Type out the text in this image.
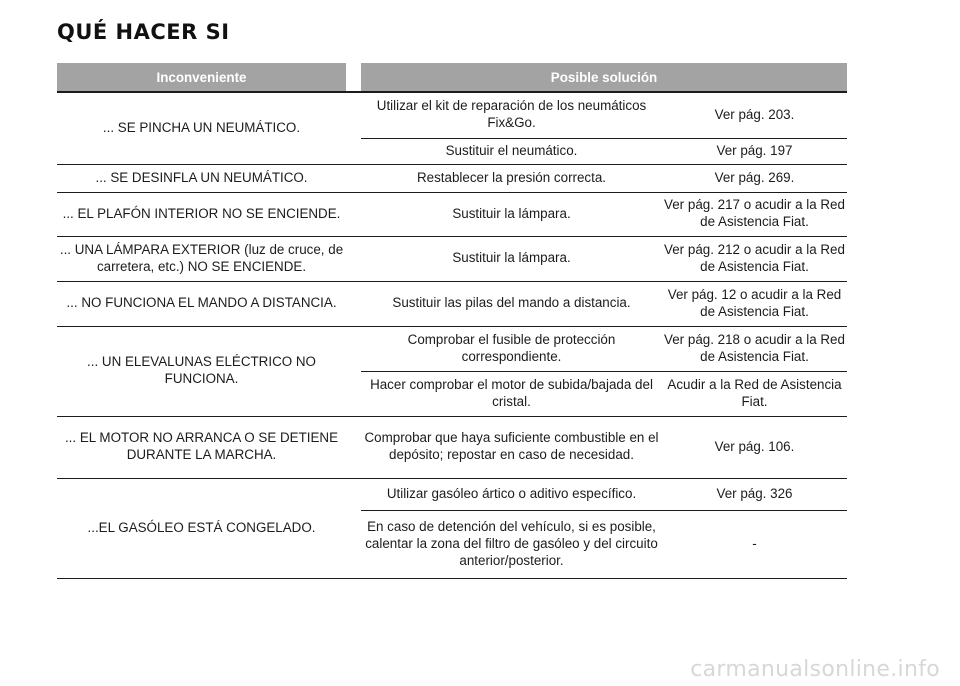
QUÉ HACER SI
Inconveniente		Posible solución	
... SE PINCHA UN NEUMÁTICO.		Utilizar el kit de reparación de los neumáticos Fix&Go.	Ver pág. 203.
		Sustituir el neumático.	Ver pág. 197
... SE DESINFLA UN NEUMÁTICO.		Restablecer la presión correcta.	Ver pág. 269.
... EL PLAFÓN INTERIOR NO SE ENCIENDE.		Sustituir la lámpara.	Ver pág. 217 o acudir a la Red de Asistencia Fiat.
... UNA LÁMPARA EXTERIOR (luz de cruce, de carretera, etc.) NO SE ENCIENDE.		Sustituir la lámpara.	Ver pág. 212 o acudir a la Red de Asistencia Fiat.
... NO FUNCIONA EL MANDO A DISTANCIA.		Sustituir las pilas del mando a distancia.	Ver pág. 12 o acudir a la Red de Asistencia Fiat.
... UN ELEVALUNAS ELÉCTRICO NO FUNCIONA.		Comprobar el fusible de protección correspondiente.	Ver pág. 218 o acudir a la Red de Asistencia Fiat.
		Hacer comprobar el motor de subida/bajada del cristal.	Acudir a la Red de Asistencia Fiat.
... EL MOTOR NO ARRANCA O SE DETIENE DURANTE LA MARCHA.		Comprobar que haya suficiente combustible en el depósito; repostar en caso de necesidad.	Ver pág. 106.
...EL GASÓLEO ESTÁ CONGELADO.		Utilizar gasóleo ártico o aditivo específico.	Ver pág. 326
		En caso de detención del vehículo, si es posible, calentar la zona del filtro de gasóleo y del circuito anterior/posterior.	-
carmanualsonline.info
